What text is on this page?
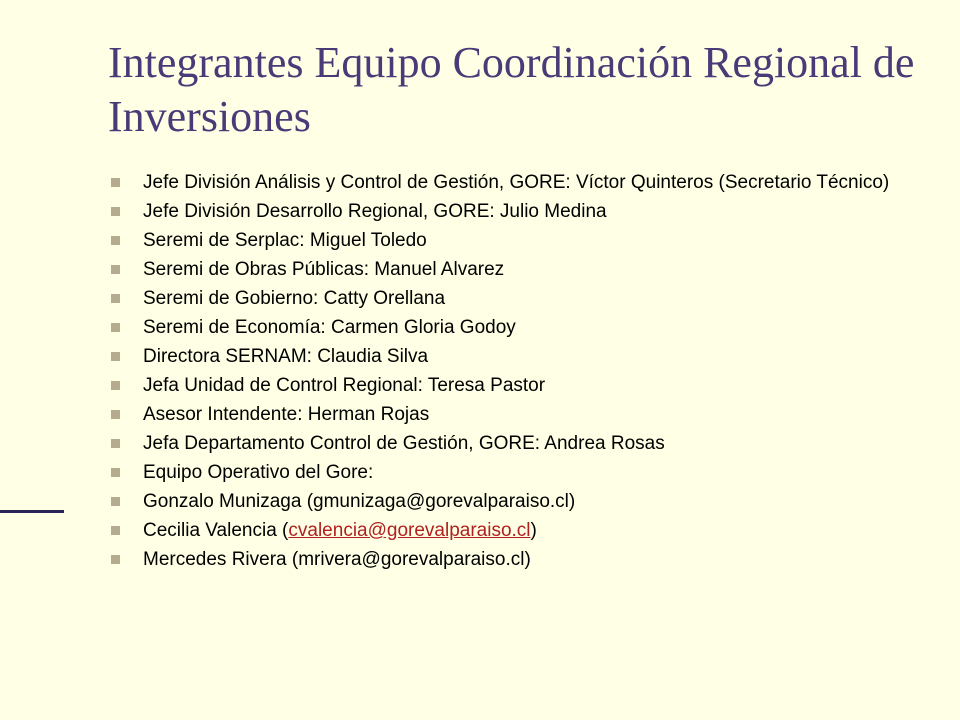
Integrantes Equipo Coordinación Regional de Inversiones
Jefe División Análisis y Control de Gestión, GORE: Víctor Quinteros (Secretario Técnico)
Jefe División Desarrollo Regional, GORE: Julio Medina
Seremi de Serplac: Miguel Toledo
Seremi de Obras Públicas: Manuel Alvarez
Seremi de Gobierno: Catty Orellana
Seremi de Economía: Carmen Gloria Godoy
Directora SERNAM: Claudia Silva
Jefa Unidad de Control Regional: Teresa Pastor
Asesor Intendente: Herman Rojas
Jefa Departamento Control de Gestión, GORE: Andrea Rosas
Equipo Operativo del Gore:
Gonzalo Munizaga (gmunizaga@gorevalparaiso.cl)
Cecilia Valencia (cvalencia@gorevalparaiso.cl)
Mercedes Rivera (mrivera@gorevalparaiso.cl)
